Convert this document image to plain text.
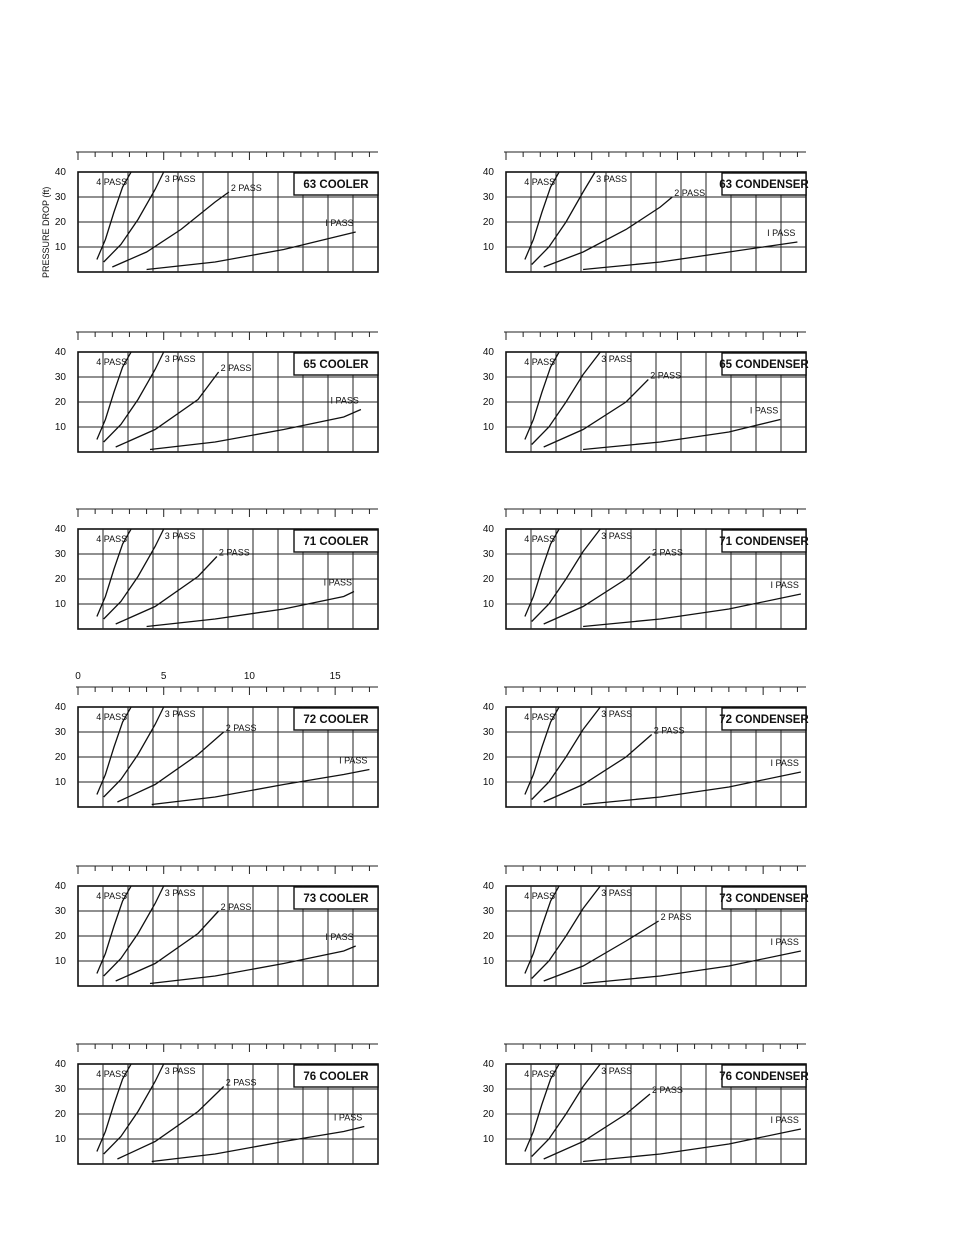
PRESSURE DROP (ft)
40
30
20
10
63 COOLER
4 PASS	3 PASS
2 PASS
I PASS
40
30
20
10
63 CONDENSER
4 PASS	3 PASS
2 PASS
I PASS
40
30
20
10
65 COOLER
4 PASS	3 PASS
2 PASS
I PASS
40
30
20
10
65 CONDENSER
4 PASS	3 PASS
2 PASS
I PASS
40
30
20
10
71 COOLER
4 PASS	3 PASS
2 PASS
I PASS
40
30
20
10
71 CONDENSER
4 PASS	3 PASS
2 PASS
I PASS
40
30
20
10
0	5	10	15
72 COOLER
4 PASS	3 PASS
2 PASS
I PASS
40
30
20
10
72 CONDENSER
4 PASS	3 PASS
2 PASS
I PASS
40
30
20
10
73 COOLER
4 PASS	3 PASS
2 PASS
I PASS
40
30
20
10
73 CONDENSER
4 PASS	3 PASS
2 PASS
I PASS
40
30
20
10
76 COOLER
4 PASS	3 PASS
2 PASS
I PASS
40
30
20
10
76 CONDENSER
4 PASS	3 PASS
2 PASS
I PASS
